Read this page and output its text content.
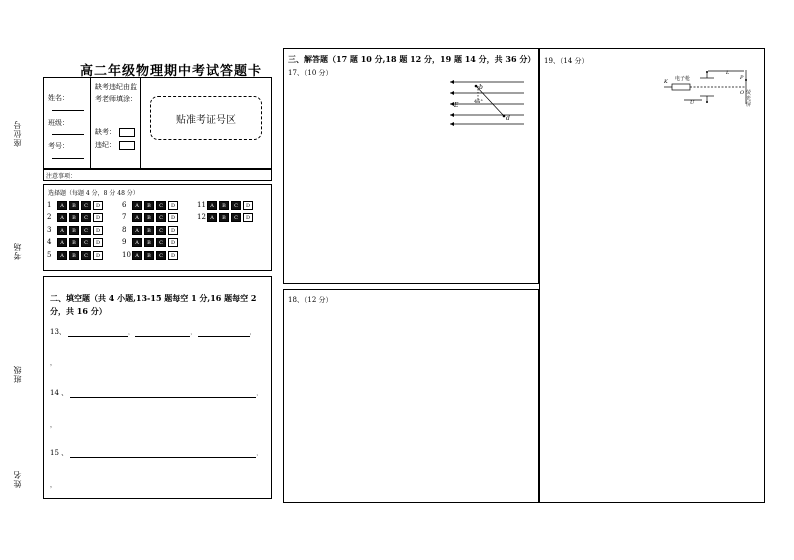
座位号
考场
班级
姓名
高二年级物理期中考试答题卡
姓名：
班级：
考号：
缺考违纪由监考老师填涂：
缺考：
违纪：
贴准考证号区
注意事项：
选择题（每题 4 分，8 分 48 分）
1	A	B	C	D
2	A	B	C	D
3	A	B	C	D
4	A	B	C	D
5	A	B	C	D
6	A	B	C	D
7	A	B	C	D
8	A	B	C	D
9	A	B	C	D
10 A	B	C	D
11 A	B	C	D
12 A	B	C	D
二、填空题（共 4 小题,13-15 题每空 1 分,16 题每空 2 分，共 16 分）
13、	，	，	，
，
14 、	，
，
15 、	，
，
三、解答题（17 题 10 分,18 题 12 分，19 题 14 分，共 36 分）
17、（10 分）
b
d
E	45°
18、（12 分）
19、（14 分）
K 电子枪
L
U
P
O 荧光屏
